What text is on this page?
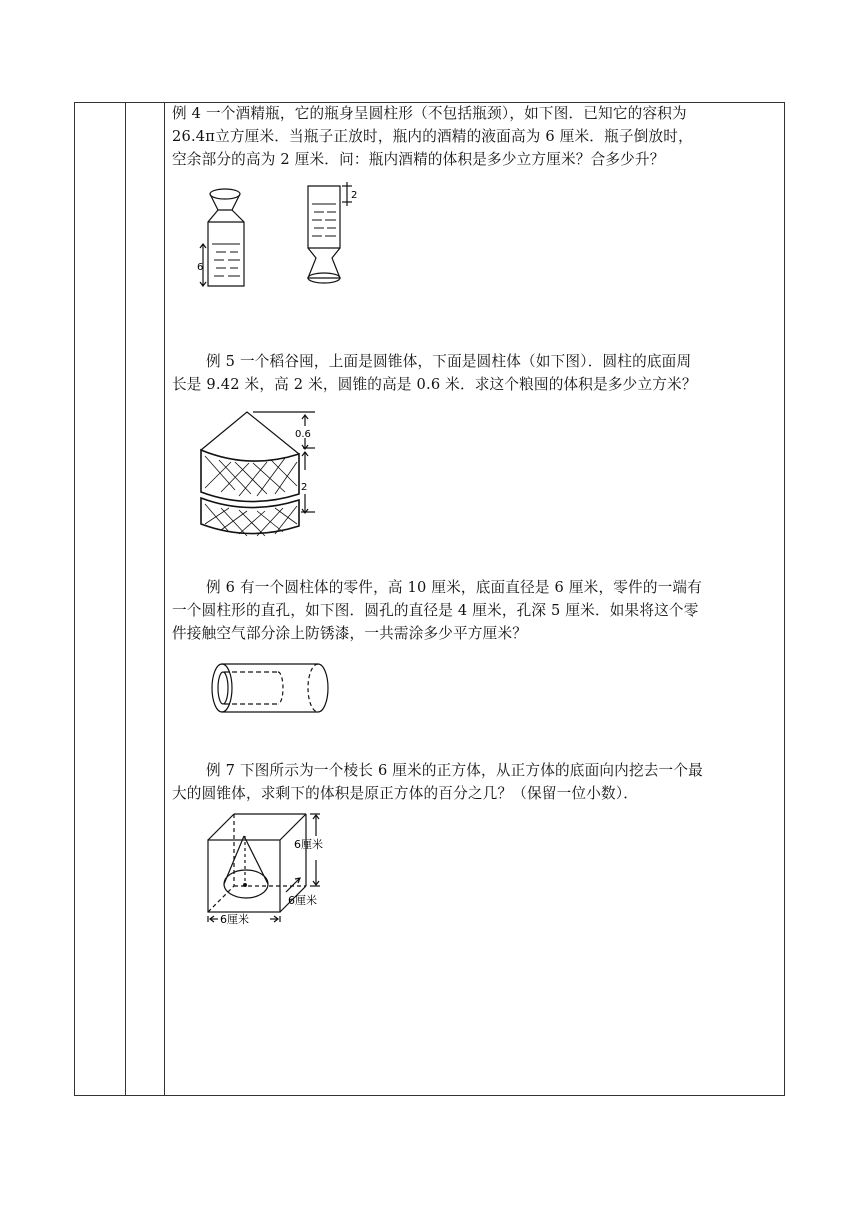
例 4 一个酒精瓶，它的瓶身呈圆柱形（不包括瓶颈），如下图．已知它的容积为
26.4π立方厘米．当瓶子正放时，瓶内的酒精的液面高为 6 厘米．瓶子倒放时，
空余部分的高为 2 厘米．问：瓶内酒精的体积是多少立方厘米？合多少升？
6
2
例 5 一个稻谷囤，上面是圆锥体，下面是圆柱体（如下图）．圆柱的底面周
长是 9.42 米，高 2 米，圆锥的高是 0.6 米．求这个粮囤的体积是多少立方米？
0.6
2
例 6 有一个圆柱体的零件，高 10 厘米，底面直径是 6 厘米，零件的一端有
一个圆柱形的直孔，如下图．圆孔的直径是 4 厘米，孔深 5 厘米．如果将这个零
件接触空气部分涂上防锈漆，一共需涂多少平方厘米？
例 7 下图所示为一个棱长 6 厘米的正方体，从正方体的底面向内挖去一个最
大的圆锥体，求剩下的体积是原正方体的百分之几？（保留一位小数）．
6厘米
6厘米
6厘米
